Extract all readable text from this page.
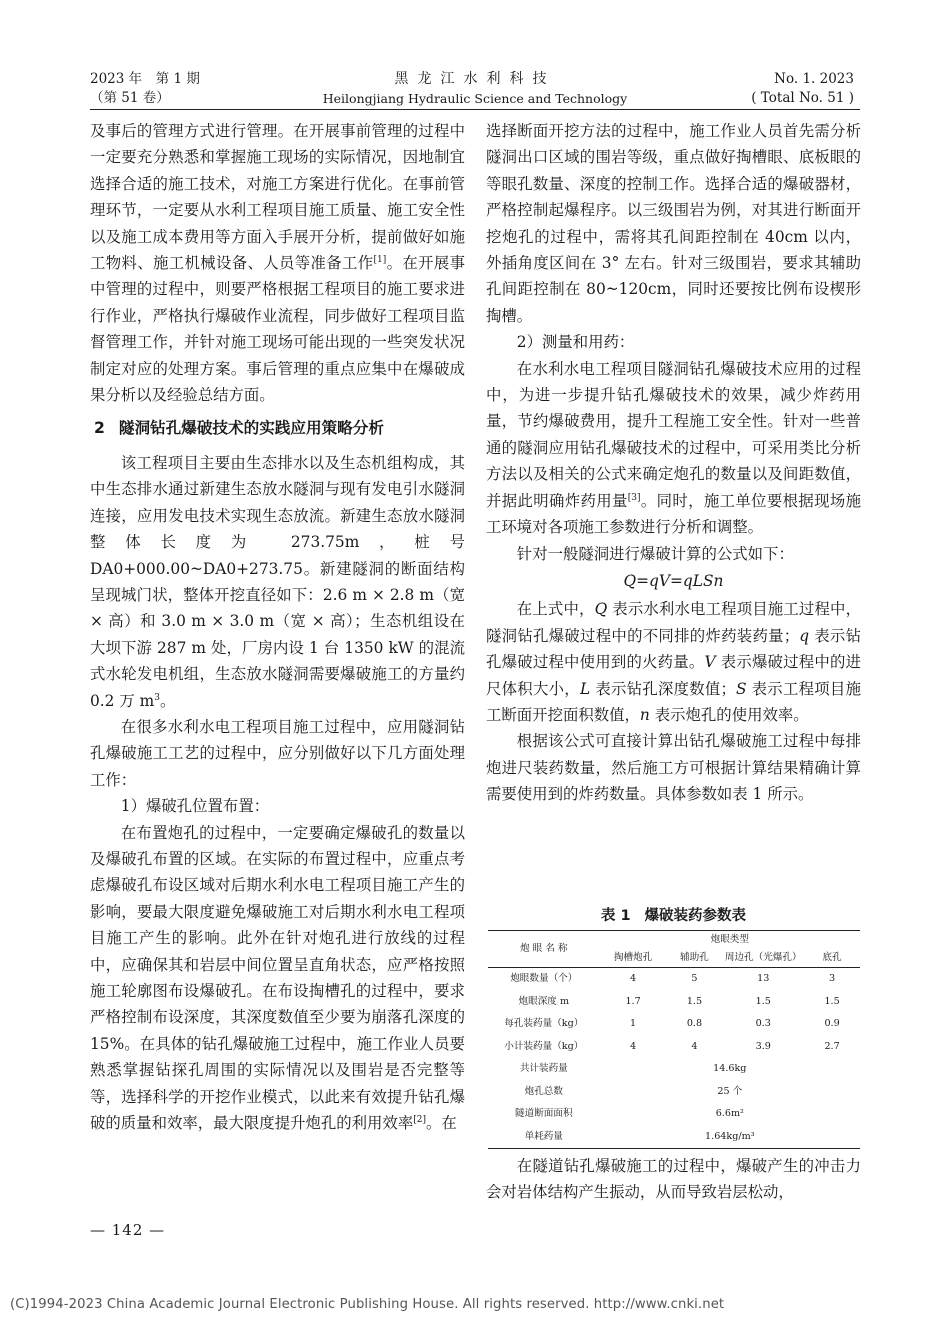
2023 年　第 1 期
（第 51 卷）
黑龙江水利科技
Heilongjiang Hydraulic Science and Technology
No. 1. 2023
( Total No. 51 )

及事后的管理方式进行管理。在开展事前管理的过程中一定要充分熟悉和掌握施工现场的实际情况，因地制宜选择合适的施工技术，对施工方案进行优化。在事前管理环节，一定要从水利工程项目施工质量、施工安全性以及施工成本费用等方面入手展开分析，提前做好如施工物料、施工机械设备、人员等准备工作[1]。在开展事中管理的过程中，则要严格根据工程项目的施工要求进行作业，严格执行爆破作业流程，同步做好工程项目监督管理工作，并针对施工现场可能出现的一些突发状况制定对应的处理方案。事后管理的重点应集中在爆破成果分析以及经验总结方面。

2 隧洞钻孔爆破技术的实践应用策略分析

该工程项目主要由生态排水以及生态机组构成，其中生态排水通过新建生态放水隧洞与现有发电引水隧洞连接，应用发电技术实现生态放流。新建生态放水隧洞整体长度为 273.75m，桩号 DA0+000.00~DA0+273.75。新建隧洞的断面结构呈现城门状，整体开挖直径如下：2.6 m × 2.8 m（宽 × 高）和 3.0 m × 3.0 m（宽 × 高）；生态机组设在大坝下游 287 m 处，厂房内设 1 台 1350 kW 的混流式水轮发电机组，生态放水隧洞需要爆破施工的方量约 0.2 万 $m^3$。

在很多水利水电工程项目施工过程中，应用隧洞钻孔爆破施工工艺的过程中，应分别做好以下几方面处理工作：

1）爆破孔位置布置：

在布置炮孔的过程中，一定要确定爆破孔的数量以及爆破孔布置的区域。在实际的布置过程中，应重点考虑爆破孔布设区域对后期水利水电工程项目施工产生的影响，要最大限度避免爆破施工对后期水利水电工程项目施工产生的影响。此外在针对炮孔进行放线的过程中，应确保其和岩层中间位置呈直角状态，应严格按照施工轮廓图布设爆破孔。在布设掏槽孔的过程中，要求严格控制布设深度，其深度数值至少要为崩落孔深度的 15%。在具体的钻孔爆破施工过程中，施工作业人员要熟悉掌握钻探孔周围的实际情况以及围岩是否完整等等，选择科学的开挖作业模式，以此来有效提升钻孔爆破的质量和效率，最大限度提升炮孔的利用效率[2]。在

选择断面开挖方法的过程中，施工作业人员首先需分析隧洞出口区域的围岩等级，重点做好掏槽眼、底板眼的等眼孔数量、深度的控制工作。选择合适的爆破器材，严格控制起爆程序。以三级围岩为例，对其进行断面开挖炮孔的过程中，需将其孔间距控制在 40cm 以内，外插角度区间在 3° 左右。针对三级围岩，要求其辅助孔间距控制在 80~120cm，同时还要按比例布设楔形掏槽。

2）测量和用药：

在水利水电工程项目隧洞钻孔爆破技术应用的过程中，为进一步提升钻孔爆破技术的效果，减少炸药用量，节约爆破费用，提升工程施工安全性。针对一些普通的隧洞应用钻孔爆破技术的过程中，可采用类比分析方法以及相关的公式来确定炮孔的数量以及间距数值，并据此明确炸药用量[3]。同时，施工单位要根据现场施工环境对各项施工参数进行分析和调整。

针对一般隧洞进行爆破计算的公式如下：

Q=qV=qLSn

在上式中，Q 表示水利水电工程项目施工过程中，隧洞钻孔爆破过程中的不同排的炸药装药量；q 表示钻孔爆破过程中使用到的火药量。V 表示爆破过程中的进尺体积大小，L 表示钻孔深度数值；S 表示工程项目施工断面开挖面积数值，n 表示炮孔的使用效率。

根据该公式可直接计算出钻孔爆破施工过程中每排炮进尺装药数量，然后施工方可根据计算结果精确计算需要使用到的炸药数量。具体参数如表 1 所示。

表 1 爆破装药参数表
炮 眼 名 称	炮眼类型			
	掏槽炮孔	辅助孔	周边孔（光爆孔）	底孔
炮眼数量（个）	4	5	13	3
炮眼深度 m	1.7	1.5	1.5	1.5
每孔装药量（kg）	1	0.8	0.3	0.9
小计装药量（kg）	4	4	3.9	2.7
共计装药量	14.6kg			
炮孔总数	25 个			
隧道断面面积	6.6m²			
单耗药量	1.64kg/m³			

在隧道钻孔爆破施工的过程中，爆破产生的冲击力会对岩体结构产生振动，从而导致岩层松动，

— 142 —
(C)1994-2023 China Academic Journal Electronic Publishing House. All rights reserved. http://www.cnki.net
